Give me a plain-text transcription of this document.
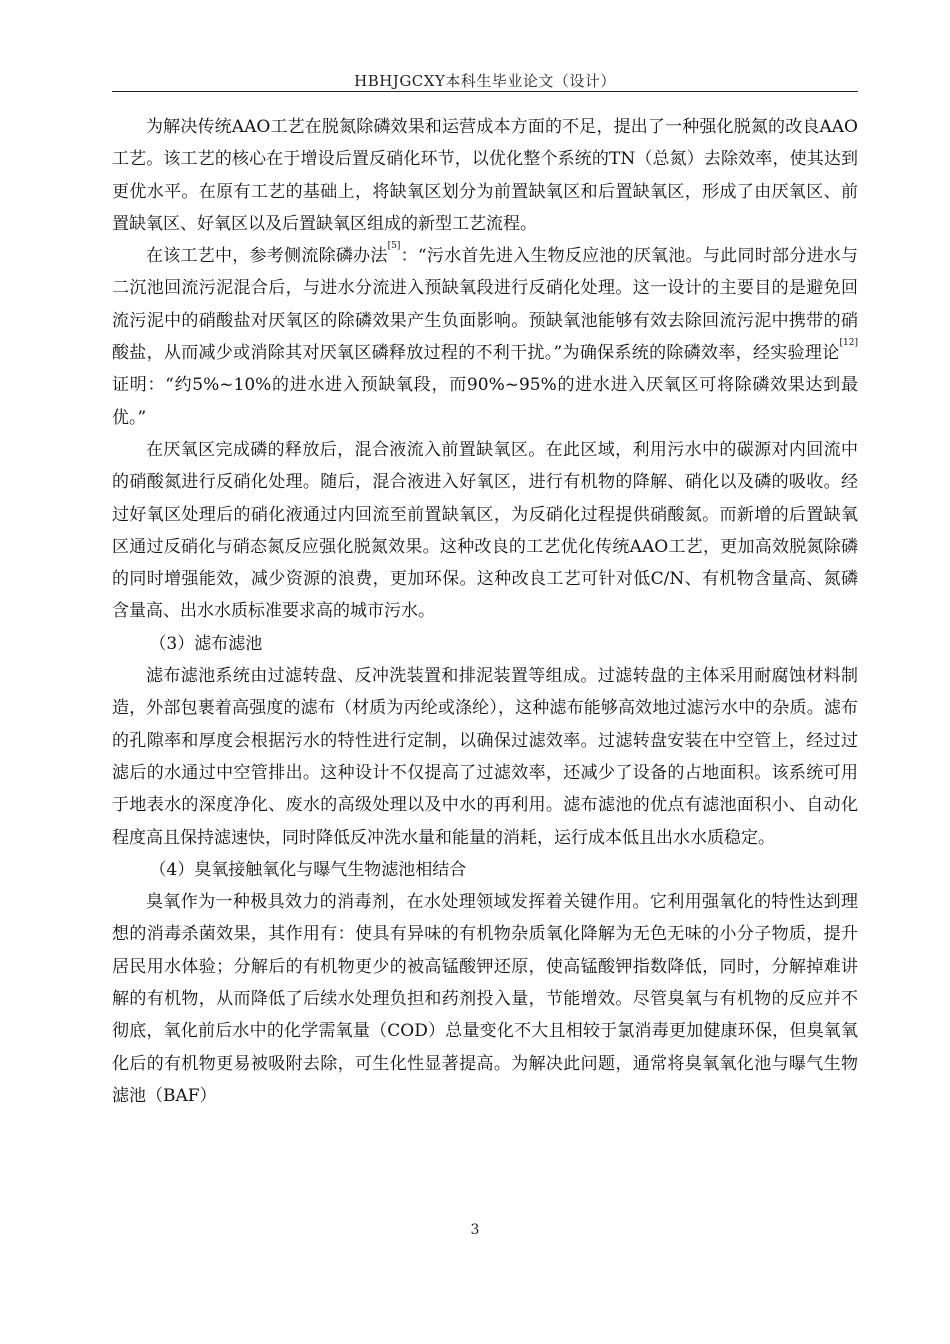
HBHJGCXY本科生毕业论文（设计）

为解决传统AAO工艺在脱氮除磷效果和运营成本方面的不足，提出了一种强化脱氮的改良AAO工艺。该工艺的核心在于增设后置反硝化环节，以优化整个系统的TN（总氮）去除效率，使其达到更优水平。在原有工艺的基础上，将缺氧区划分为前置缺氧区和后置缺氧区，形成了由厌氧区、前置缺氧区、好氧区以及后置缺氧区组成的新型工艺流程。

在该工艺中，参考侧流除磷办法[5]：“污水首先进入生物反应池的厌氧池。与此同时部分进水与二沉池回流污泥混合后，与进水分流进入预缺氧段进行反硝化处理。这一设计的主要目的是避免回流污泥中的硝酸盐对厌氧区的除磷效果产生负面影响。预缺氧池能够有效去除回流污泥中携带的硝酸盐，从而减少或消除其对厌氧区磷释放过程的不利干扰。”为确保系统的除磷效率，经实验理论[12]证明：“约5%~10%的进水进入预缺氧段，而90%~95%的进水进入厌氧区可将除磷效果达到最优。”

在厌氧区完成磷的释放后，混合液流入前置缺氧区。在此区域，利用污水中的碳源对内回流中的硝酸氮进行反硝化处理。随后，混合液进入好氧区，进行有机物的降解、硝化以及磷的吸收。经过好氧区处理后的硝化液通过内回流至前置缺氧区，为反硝化过程提供硝酸氮。而新增的后置缺氧区通过反硝化与硝态氮反应强化脱氮效果。这种改良的工艺优化传统AAO工艺，更加高效脱氮除磷的同时增强能效，减少资源的浪费，更加环保。这种改良工艺可针对低C/N、有机物含量高、氮磷含量高、出水水质标准要求高的城市污水。

（3）滤布滤池

滤布滤池系统由过滤转盘、反冲洗装置和排泥装置等组成。过滤转盘的主体采用耐腐蚀材料制造，外部包裹着高强度的滤布（材质为丙纶或涤纶），这种滤布能够高效地过滤污水中的杂质。滤布的孔隙率和厚度会根据污水的特性进行定制，以确保过滤效率。过滤转盘安装在中空管上，经过过滤后的水通过中空管排出。这种设计不仅提高了过滤效率，还减少了设备的占地面积。该系统可用于地表水的深度净化、废水的高级处理以及中水的再利用。滤布滤池的优点有滤池面积小、自动化程度高且保持滤速快，同时降低反冲洗水量和能量的消耗，运行成本低且出水水质稳定。

（4）臭氧接触氧化与曝气生物滤池相结合

臭氧作为一种极具效力的消毒剂，在水处理领域发挥着关键作用。它利用强氧化的特性达到理想的消毒杀菌效果，其作用有：使具有异味的有机物杂质氧化降解为无色无味的小分子物质，提升居民用水体验；分解后的有机物更少的被高锰酸钾还原，使高锰酸钾指数降低，同时，分解掉难讲解的有机物，从而降低了后续水处理负担和药剂投入量，节能增效。尽管臭氧与有机物的反应并不彻底，氧化前后水中的化学需氧量（COD）总量变化不大且相较于氯消毒更加健康环保，但臭氧氧化后的有机物更易被吸附去除，可生化性显著提高。为解决此问题，通常将臭氧氧化池与曝气生物滤池（BAF）

3
